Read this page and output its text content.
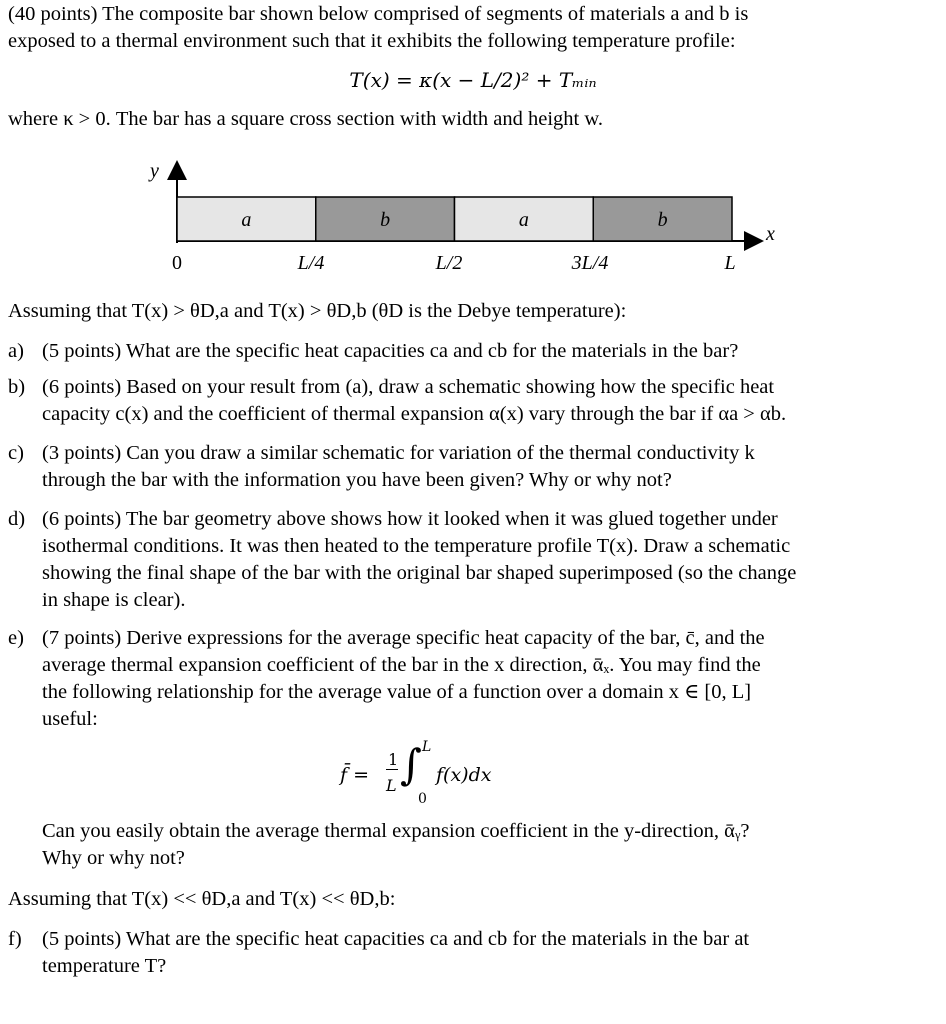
(40 points) The composite bar shown below comprised of segments of materials a and b is
exposed to a thermal environment such that it exhibits the following temperature profile:
T(x) = κ(x − L/2)² + Tₘᵢₙ
where κ > 0. The bar has a square cross section with width and height w.
y
x
a	b	a	b
0	L/4	L/2	3L/4	L
Assuming that T(x) > θD,a and T(x) > θD,b (θD is the Debye temperature):
a) (5 points) What are the specific heat capacities ca and cb for the materials in the bar?
b) (6 points) Based on your result from (a), draw a schematic showing how the specific heat
capacity c(x) and the coefficient of thermal expansion α(x) vary through the bar if αa > αb.
c) (3 points) Can you draw a similar schematic for variation of the thermal conductivity k
through the bar with the information you have been given? Why or why not?
d) (6 points) The bar geometry above shows how it looked when it was glued together under
isothermal conditions. It was then heated to the temperature profile T(x). Draw a schematic
showing the final shape of the bar with the original bar shaped superimposed (so the change
in shape is clear).
e) (7 points) Derive expressions for the average specific heat capacity of the bar, c̄, and the
average thermal expansion coefficient of the bar in the x direction, ᾱₓ. You may find the
the following relationship for the average value of a function over a domain x ∈ [0, L]
useful:
f̄ =
1
L ∫ L
0
f(x)dx
Can you easily obtain the average thermal expansion coefficient in the y-direction, ᾱᵧ?
Why or why not?
Assuming that T(x) << θD,a and T(x) << θD,b:
f) (5 points) What are the specific heat capacities ca and cb for the materials in the bar at
temperature T?
